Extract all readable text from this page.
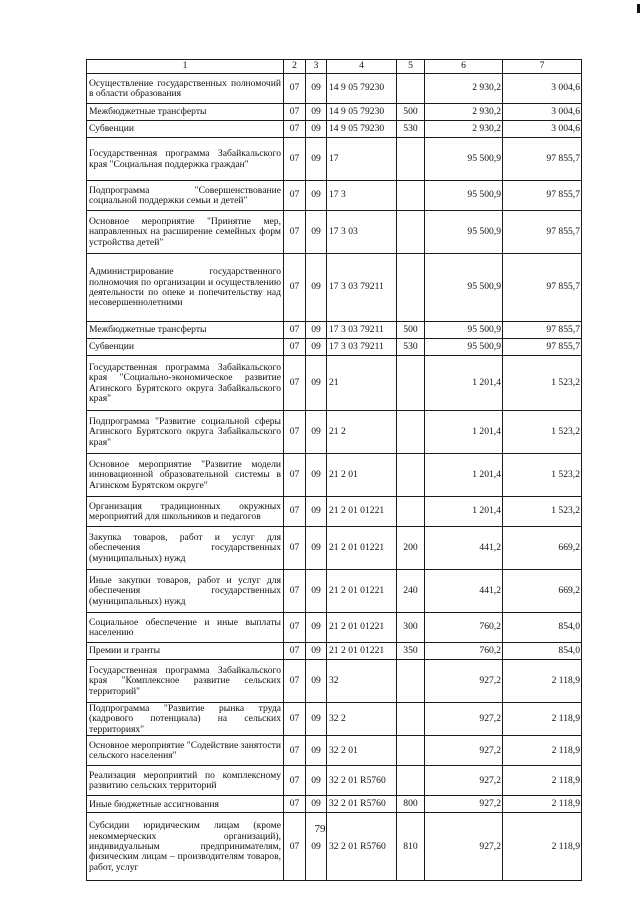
1	2	3	4	5	6	7
Осуществление государственных полномочий в области образования	07	09	14 9 05 79230		2 930,2	3 004,6
Межбюджетные трансферты	07	09	14 9 05 79230	500	2 930,2	3 004,6
Субвенции	07	09	14 9 05 79230	530	2 930,2	3 004,6
Государственная программа Забайкальского края "Социальная поддержка граждан"	07	09	17		95 500,9	97 855,7
Подпрограмма "Совершенствование социальной поддержки семьи и детей"	07	09	17 3		95 500,9	97 855,7
Основное мероприятие "Принятие мер, направленных на расширение семейных форм устройства детей"	07	09	17 3 03		95 500,9	97 855,7
Администрирование государственного полномочия по организации и осуществлению деятельности по опеке и попечительству над несовершеннолетними	07	09	17 3 03 79211		95 500,9	97 855,7
Межбюджетные трансферты	07	09	17 3 03 79211	500	95 500,9	97 855,7
Субвенции	07	09	17 3 03 79211	530	95 500,9	97 855,7
Государственная программа Забайкальского края "Социально-экономическое развитие Агинского Бурятского округа Забайкальского края"	07	09	21		1 201,4	1 523,2
Подпрограмма "Развитие социальной сферы Агинского Бурятского округа Забайкальского края"	07	09	21 2		1 201,4	1 523,2
Основное мероприятие "Развитие модели инновационной образовательной системы в Агинском Бурятском округе"	07	09	21 2 01		1 201,4	1 523,2
Организация традиционных окружных мероприятий для школьников и педагогов	07	09	21 2 01 01221		1 201,4	1 523,2
Закупка товаров, работ и услуг для обеспечения государственных (муниципальных) нужд	07	09	21 2 01 01221	200	441,2	669,2
Иные закупки товаров, работ и услуг для обеспечения государственных (муниципальных) нужд	07	09	21 2 01 01221	240	441,2	669,2
Социальное обеспечение и иные выплаты населению	07	09	21 2 01 01221	300	760,2	854,0
Премии и гранты	07	09	21 2 01 01221	350	760,2	854,0
Государственная программа Забайкальского края "Комплексное развитие сельских территорий"	07	09	32		927,2	2 118,9
Подпрограмма "Развитие рынка труда (кадрового потенциала) на сельских территориях"	07	09	32 2		927,2	2 118,9
Основное мероприятие "Содействие занятости сельского населения"	07	09	32 2 01		927,2	2 118,9
Реализация мероприятий по комплексному развитию сельских территорий	07	09	32 2 01 R5760		927,2	2 118,9
Иные бюджетные ассигнования	07	09	32 2 01 R5760	800	927,2	2 118,9
Субсидии юридическим лицам (кроме некоммерческих организаций), индивидуальным предпринимателям, физическим лицам – производителям товаров, работ, услуг	07	09	32 2 01 R5760	810	927,2	2 118,9
79
